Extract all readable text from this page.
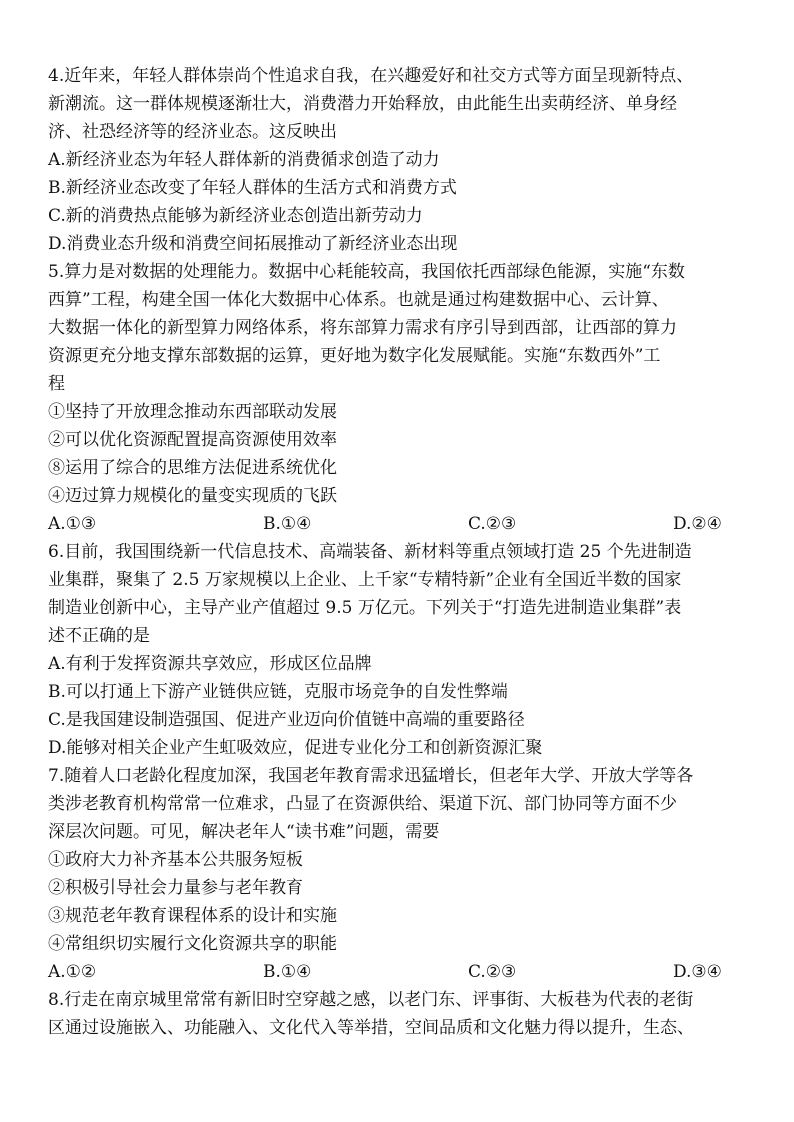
4.近年来，年轻人群体崇尚个性追求自我，在兴趣爱好和社交方式等方面呈现新特点、
新潮流。这一群体规模逐渐壮大，消费潜力开始释放，由此能生出卖萌经济、单身经
济、社恐经济等的经济业态。这反映出
A.新经济业态为年轻人群体新的消费循求创造了动力
B.新经济业态改变了年轻人群体的生活方式和消费方式
C.新的消费热点能够为新经济业态创造出新劳动力
D.消费业态升级和消费空间拓展推动了新经济业态出现
5.算力是对数据的处理能力。数据中心耗能较高，我国依托西部绿色能源，实施“东数
西算”工程，构建全国一体化大数据中心体系。也就是通过构建数据中心、云计算、
大数据一体化的新型算力网络体系，将东部算力需求有序引导到西部，让西部的算力
资源更充分地支撑东部数据的运算，更好地为数字化发展赋能。实施“东数西外”工
程
①坚持了开放理念推动东西部联动发展
②可以优化资源配置提高资源使用效率
⑧运用了综合的思维方法促进系统优化
④迈过算力规模化的量变实现质的飞跃
A.①③	B.①④	C.②③	D.②④
6.目前，我国围绕新一代信息技术、高端装备、新材料等重点领域打造 25 个先进制造
业集群，聚集了 2.5 万家规模以上企业、上千家“专精特新”企业有全国近半数的国家
制造业创新中心，主导产业产值超过 9.5 万亿元。下列关于“打造先进制造业集群”表
述不正确的是
A.有利于发挥资源共享效应，形成区位品牌
B.可以打通上下游产业链供应链，克服市场竞争的自发性弊端
C.是我国建设制造强国、促进产业迈向价值链中高端的重要路径
D.能够对相关企业产生虹吸效应，促进专业化分工和创新资源汇聚
7.随着人口老龄化程度加深，我国老年教育需求迅猛增长，但老年大学、开放大学等各
类涉老教育机构常常一位难求，凸显了在资源供给、渠道下沉、部门协同等方面不少
深层次问题。可见，解决老年人“读书难”问题，需要
①政府大力补齐基本公共服务短板
②积极引导社会力量参与老年教育
③规范老年教育课程体系的设计和实施
④常组织切实履行文化资源共享的职能
A.①②	B.①④	C.②③	D.③④
8.行走在南京城里常常有新旧时空穿越之感，以老门东、评事街、大板巷为代表的老街
区通过设施嵌入、功能融入、文化代入等举措，空间品质和文化魅力得以提升，生态、
